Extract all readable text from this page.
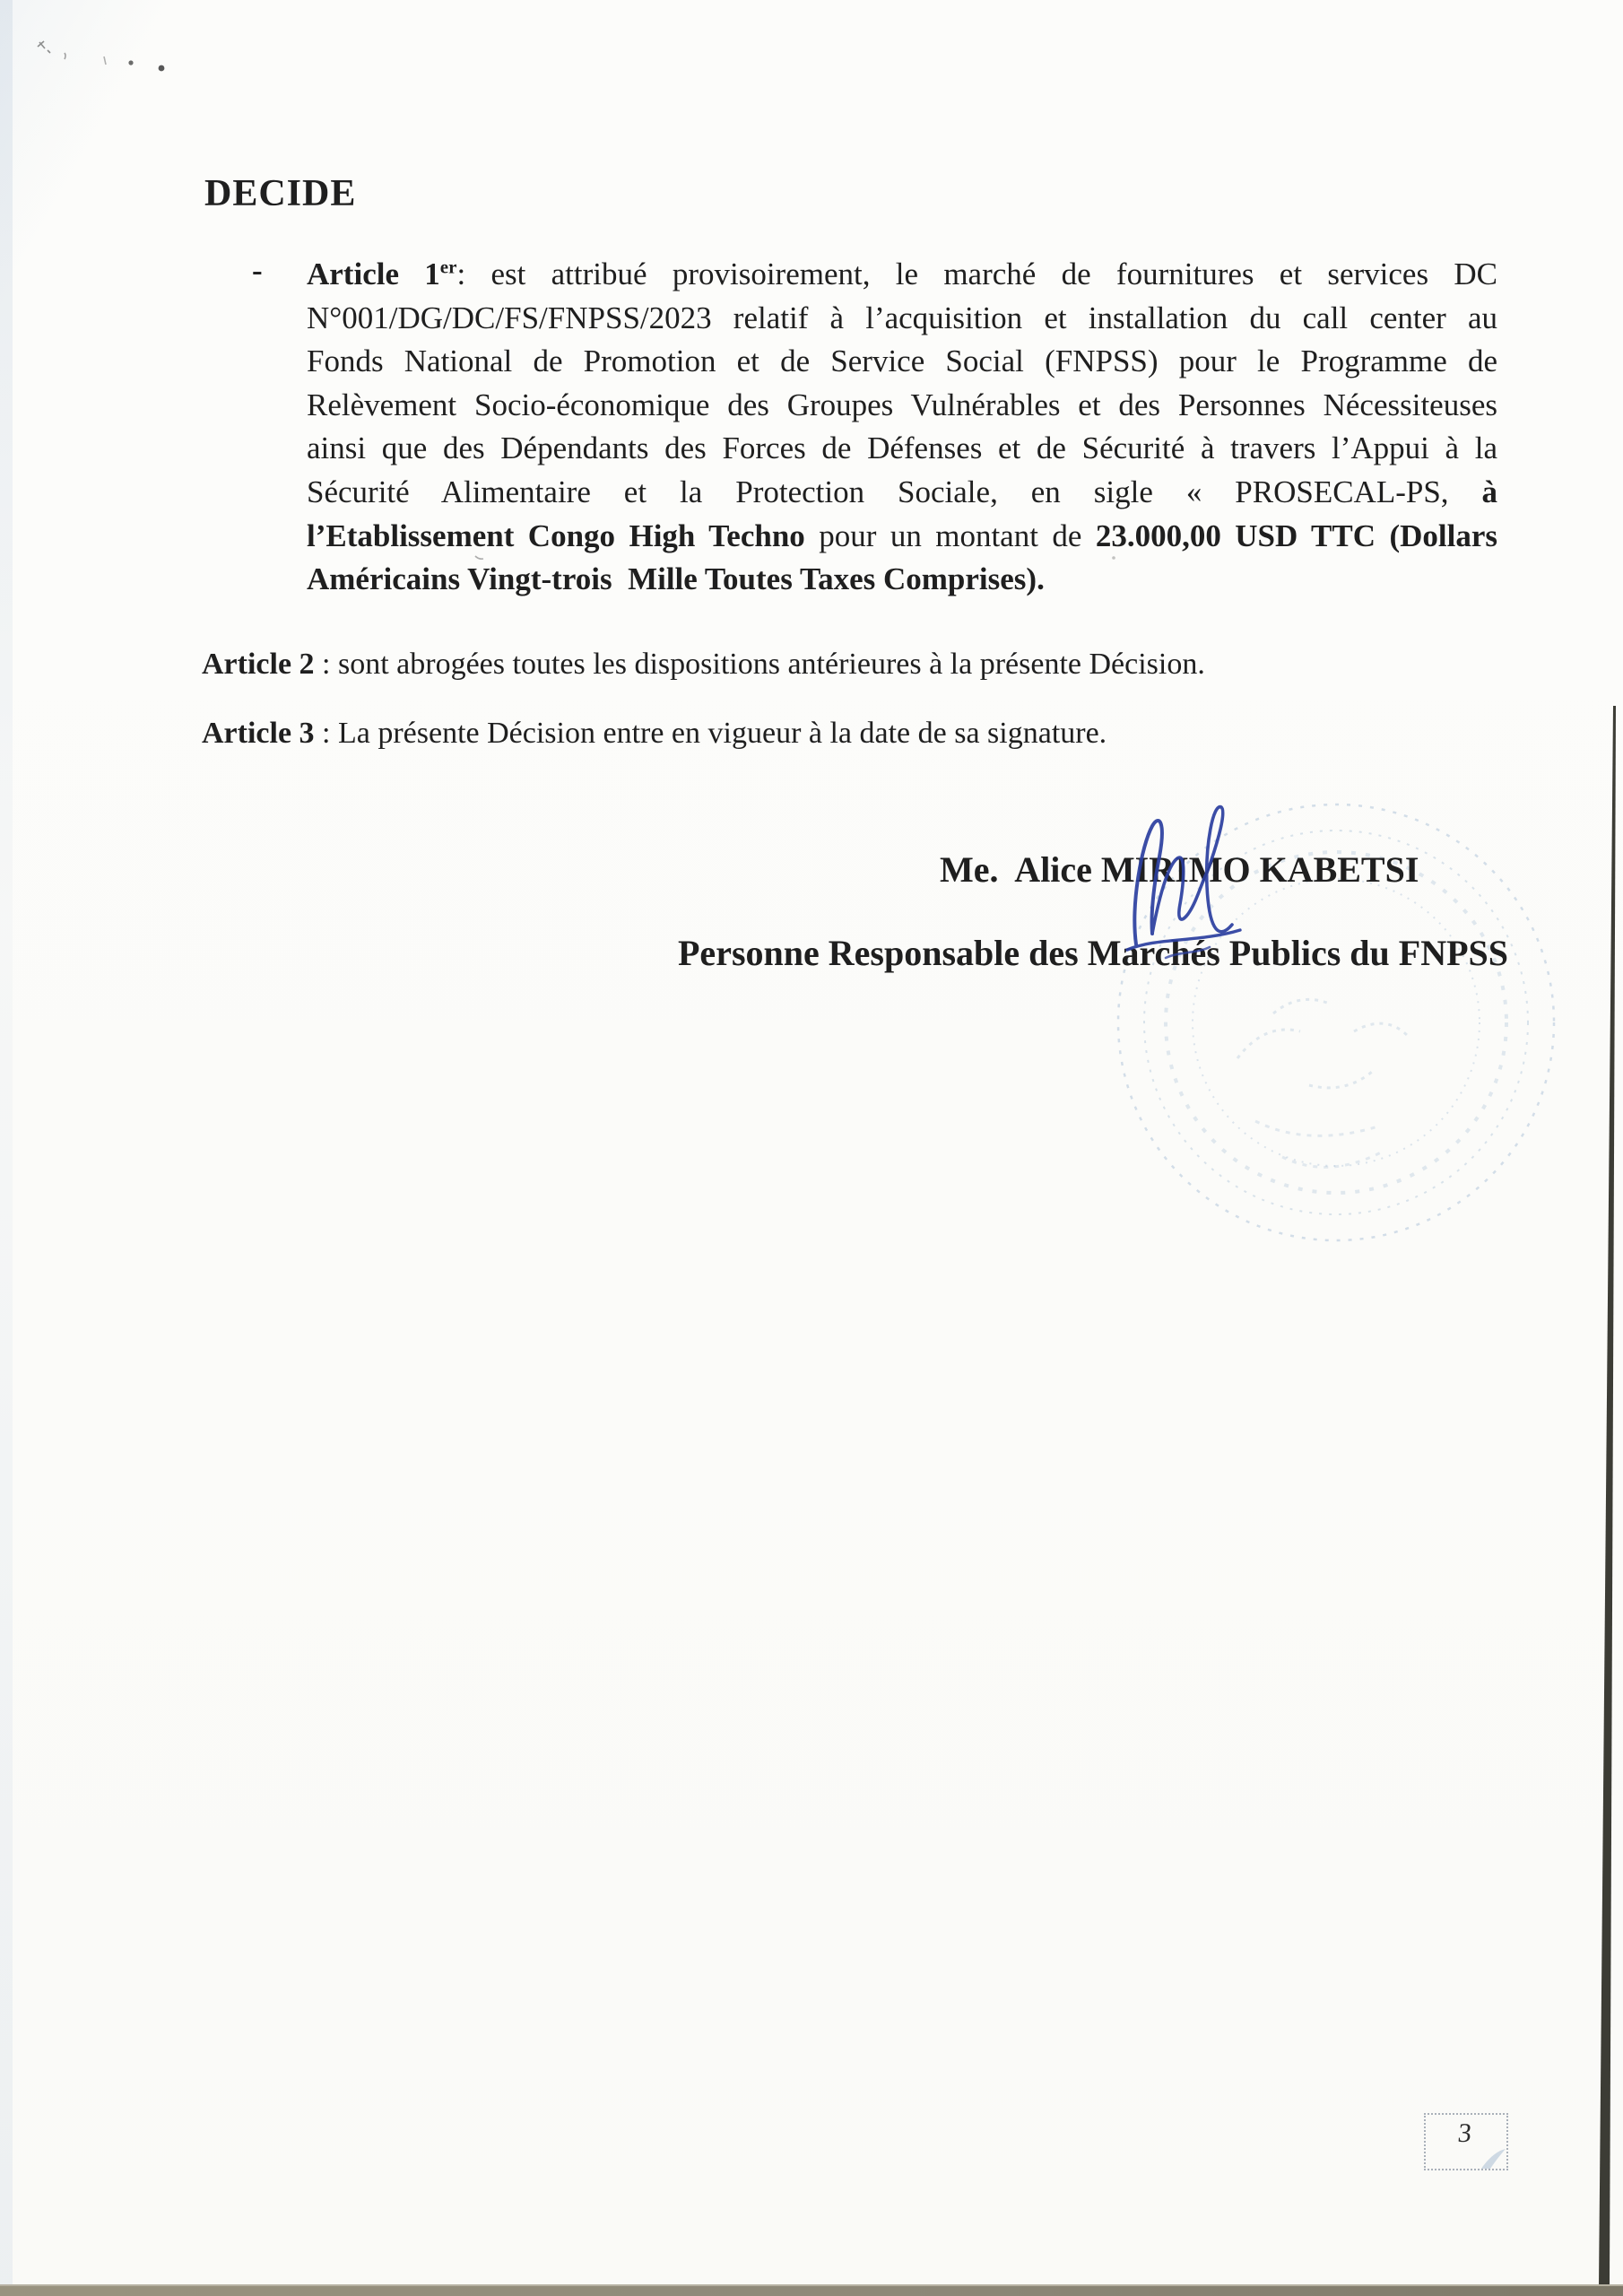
DECIDE
- Article 1er: est attribué provisoirement, le marché de fournitures et services DC
N°001/DG/DC/FS/FNPSS/2023 relatif à l’acquisition et installation du call center au
Fonds National de Promotion et de Service Social (FNPSS) pour le Programme de
Relèvement Socio-économique des Groupes Vulnérables et des Personnes Nécessiteuses
ainsi que des Dépendants des Forces de Défenses et de Sécurité à travers l’Appui à la
Sécurité Alimentaire et la Protection Sociale, en sigle « PROSECAL-PS, à
l’Etablissement Congo High Techno pour un montant de 23.000,00 USD TTC (Dollars
Américains Vingt-trois  Mille Toutes Taxes Comprises).
Article 2 : sont abrogées toutes les dispositions antérieures à la présente Décision.
Article 3 : La présente Décision entre en vigueur à la date de sa signature.
Me.  Alice MIRIMO KABETSI
Personne Responsable des Marchés Publics du FNPSS
3
